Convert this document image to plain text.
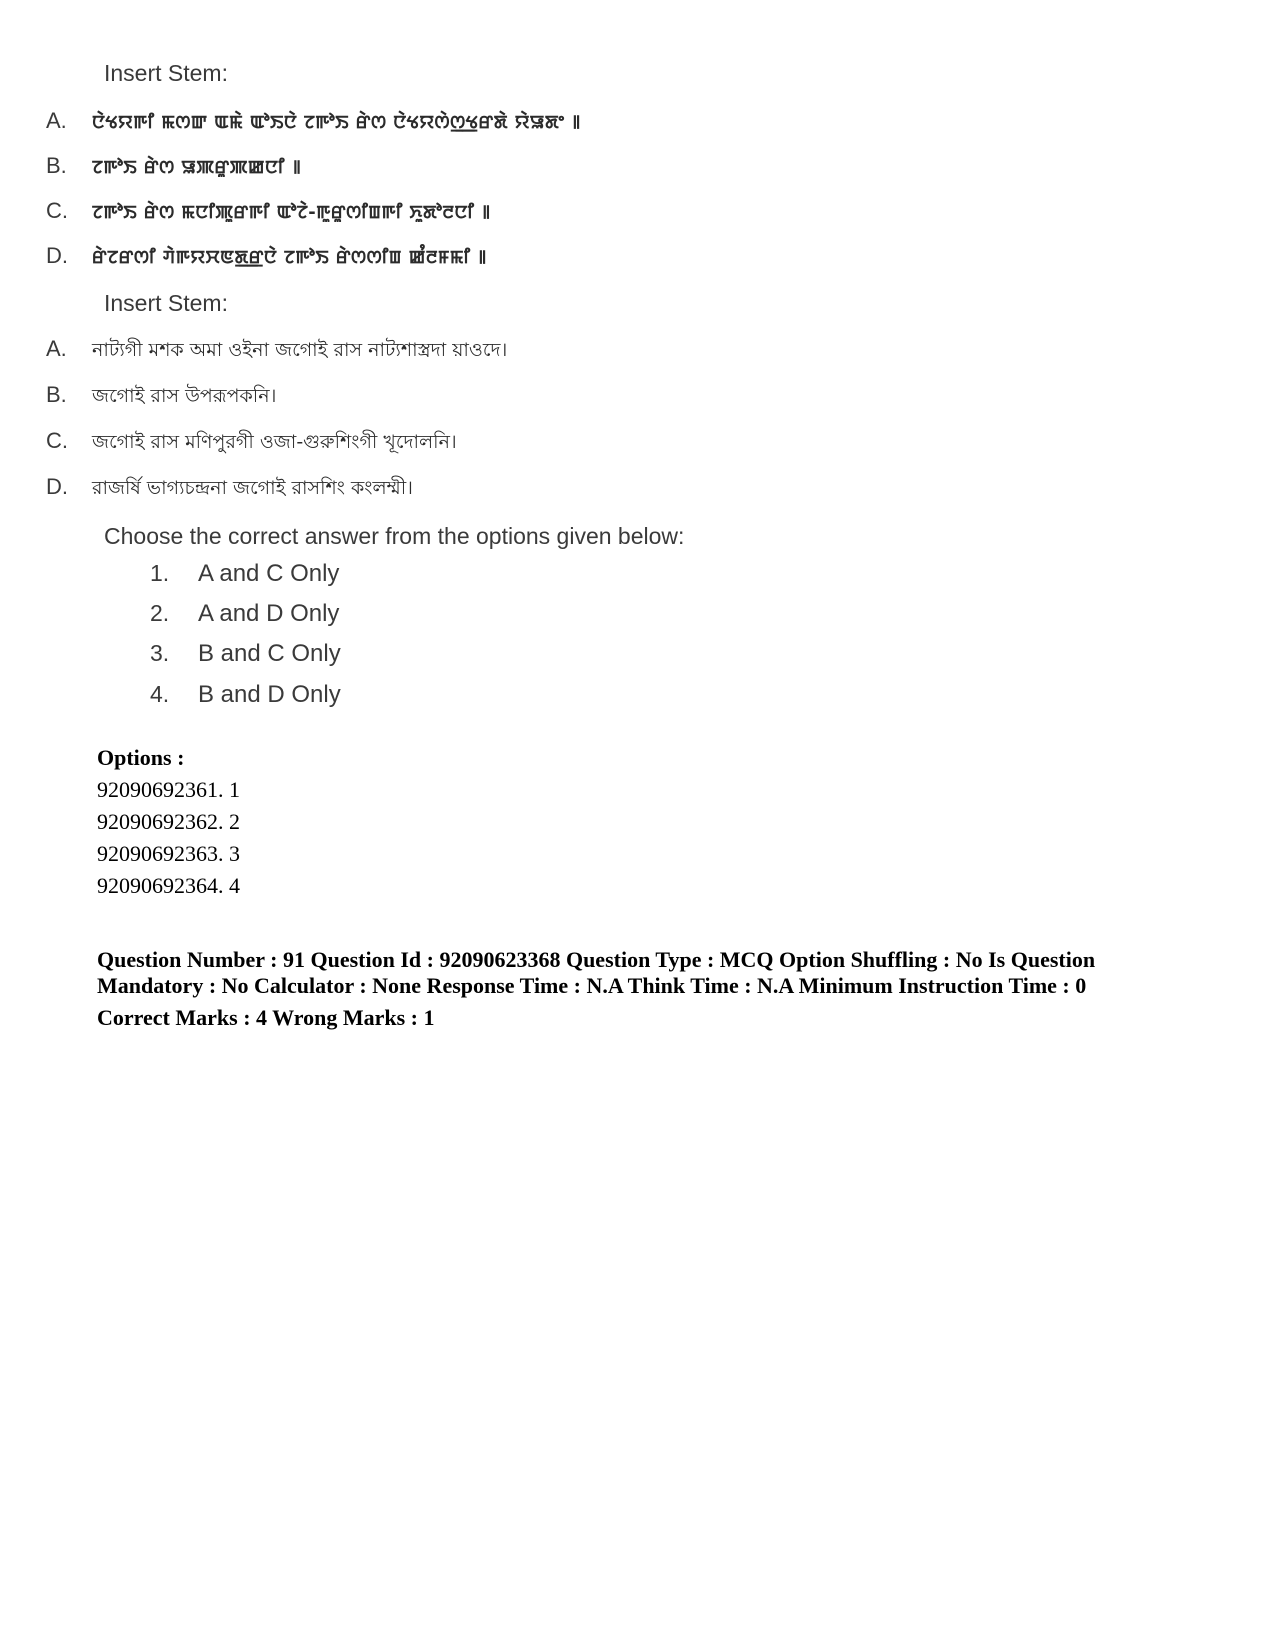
Insert Stem:
A. ꯅꯥꯠꯌꯒꯤ ꯃꯁꯛ ꯑꯃꯥ ꯑꯣꯏꯅꯥ ꯖꯒꯣꯏ ꯔꯥꯁ ꯅꯥꯠꯌꯁꯥꯁ꯭ꯠꯔꯗꯥ ꯌꯥꯎꯗꯦ ꯫
B. ꯖꯒꯣꯏ ꯔꯥꯁ ꯎꯄꯔꯨꯄꯀꯅꯤ ꯫
C. ꯖꯒꯣꯏ ꯔꯥꯁ ꯃꯅꯤꯄꯨꯔꯒꯤ ꯑꯣꯖꯥ-ꯒꯨꯔꯨꯁꯤꯡꯒꯤ ꯈꯨꯗꯣꯂꯅꯤ ꯫
D. ꯔꯥꯖꯔꯁꯤ ꯚꯥꯒꯌꯆꯟꯗ꯭ꯔꯅꯥ ꯖꯒꯣꯏ ꯔꯥꯁꯁꯤꯡ ꯀꯪꯂꯝꯃꯤ ꯫
Insert Stem:
A. নাট্যগী মশক অমা ওইনা জগোই রাস নাট্যশাস্ত্রদা য়াওদে।
B. জগোই রাস উপরূপকনি।
C. জগোই রাস মণিপুরগী ওজা-গুরুশিংগী খূদোলনি।
D. রাজর্ষি ভাগ্যচন্দ্রনা জগোই রাসশিং কংলম্মী।
Choose the correct answer from the options given below:
1. A and C Only
2. A and D Only
3. B and C Only
4. B and D Only
Options :
92090692361. 1
92090692362. 2
92090692363. 3
92090692364. 4
Question Number : 91 Question Id : 92090623368 Question Type : MCQ Option Shuffling : No Is Question
Mandatory : No Calculator : None Response Time : N.A Think Time : N.A Minimum Instruction Time : 0
Correct Marks : 4 Wrong Marks : 1
